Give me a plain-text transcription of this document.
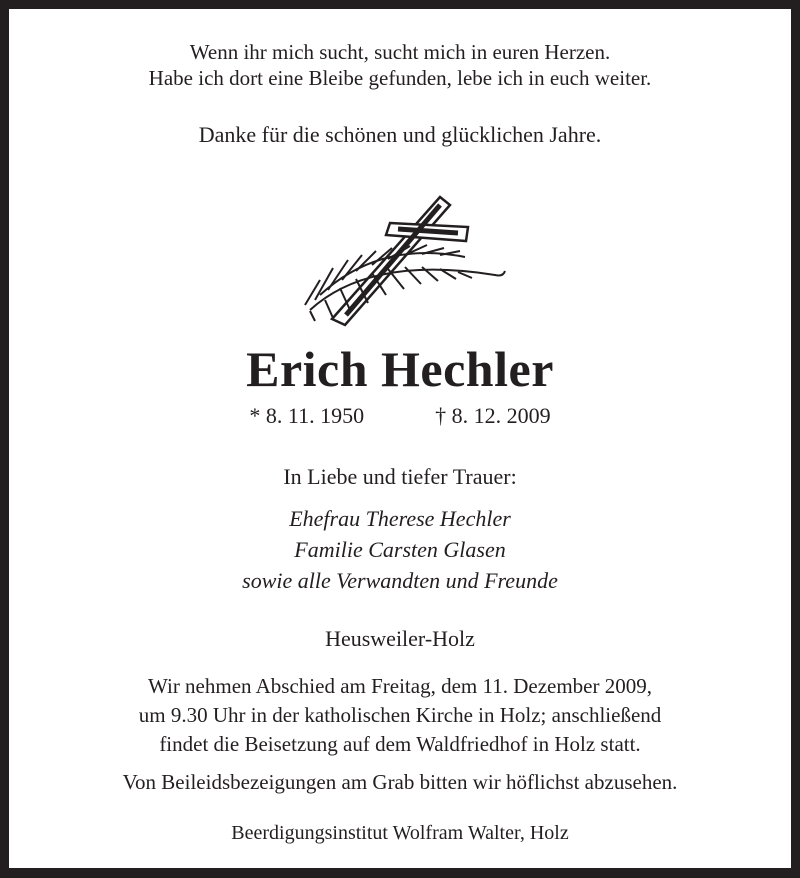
Wenn ihr mich sucht, sucht mich in euren Herzen.
Habe ich dort eine Bleibe gefunden, lebe ich in euch weiter.
Danke für die schönen und glücklichen Jahre.
Erich Hechler
* 8. 11. 1950	† 8. 12. 2009
In Liebe und tiefer Trauer:
Ehefrau Therese Hechler
Familie Carsten Glasen
sowie alle Verwandten und Freunde
Heusweiler-Holz
Wir nehmen Abschied am Freitag, dem 11. Dezember 2009,
um 9.30 Uhr in der katholischen Kirche in Holz; anschließend
findet die Beisetzung auf dem Waldfriedhof in Holz statt.
Von Beileidsbezeigungen am Grab bitten wir höflichst abzusehen.
Beerdigungsinstitut Wolfram Walter, Holz
